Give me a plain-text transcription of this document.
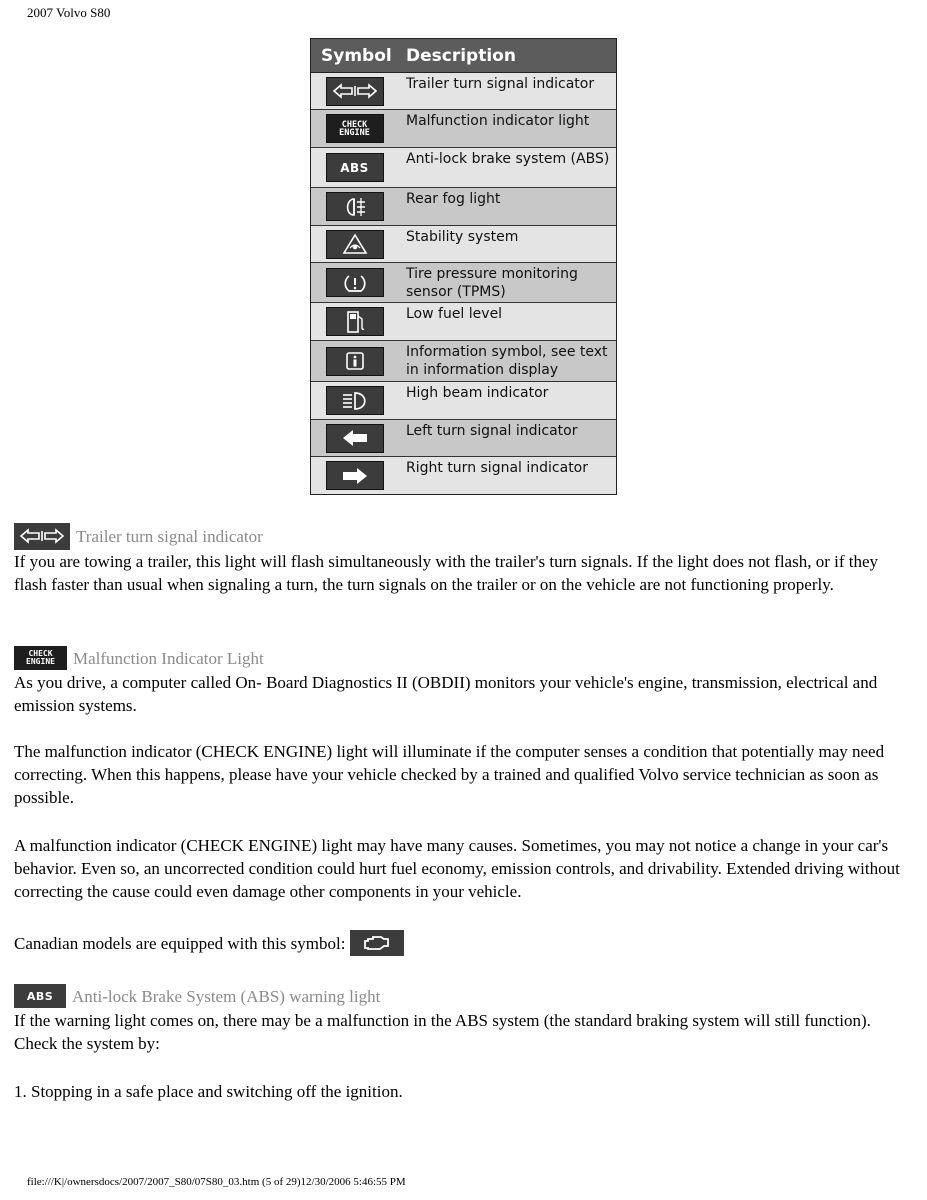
2007 Volvo S80
Symbol Description
Trailer turn signal indicator
CHECK
ENGINE
Malfunction indicator light
ABS
Anti-lock brake system (ABS)
Rear fog light
Stability system
Tire pressure monitoring sensor (TPMS)
Low fuel level
Information symbol, see text in information display
High beam indicator
Left turn signal indicator
Right turn signal indicator
Trailer turn signal indicator

If you are towing a trailer, this light will flash simultaneously with the trailer's turn signals. If the light does not flash, or if they flash faster than usual when signaling a turn, the turn signals on the trailer or on the vehicle are not functioning properly.

CHECK
ENGINE Malfunction Indicator Light

As you drive, a computer called On- Board Diagnostics II (OBDII) monitors your vehicle's engine, transmission, electrical and emission systems.

The malfunction indicator (CHECK ENGINE) light will illuminate if the computer senses a condition that potentially may need correcting. When this happens, please have your vehicle checked by a trained and qualified Volvo service technician as soon as possible.

A malfunction indicator (CHECK ENGINE) light may have many causes. Sometimes, you may not notice a change in your car's behavior. Even so, an uncorrected condition could hurt fuel economy, emission controls, and drivability. Extended driving without correcting the cause could even damage other components in your vehicle.

Canadian models are equipped with this symbol:
ABS Anti-lock Brake System (ABS) warning light

If the warning light comes on, there may be a malfunction in the ABS system (the standard braking system will still function). Check the system by:

1. Stopping in a safe place and switching off the ignition.

file:///K|/ownersdocs/2007/2007_S80/07S80_03.htm (5 of 29)12/30/2006 5:46:55 PM
